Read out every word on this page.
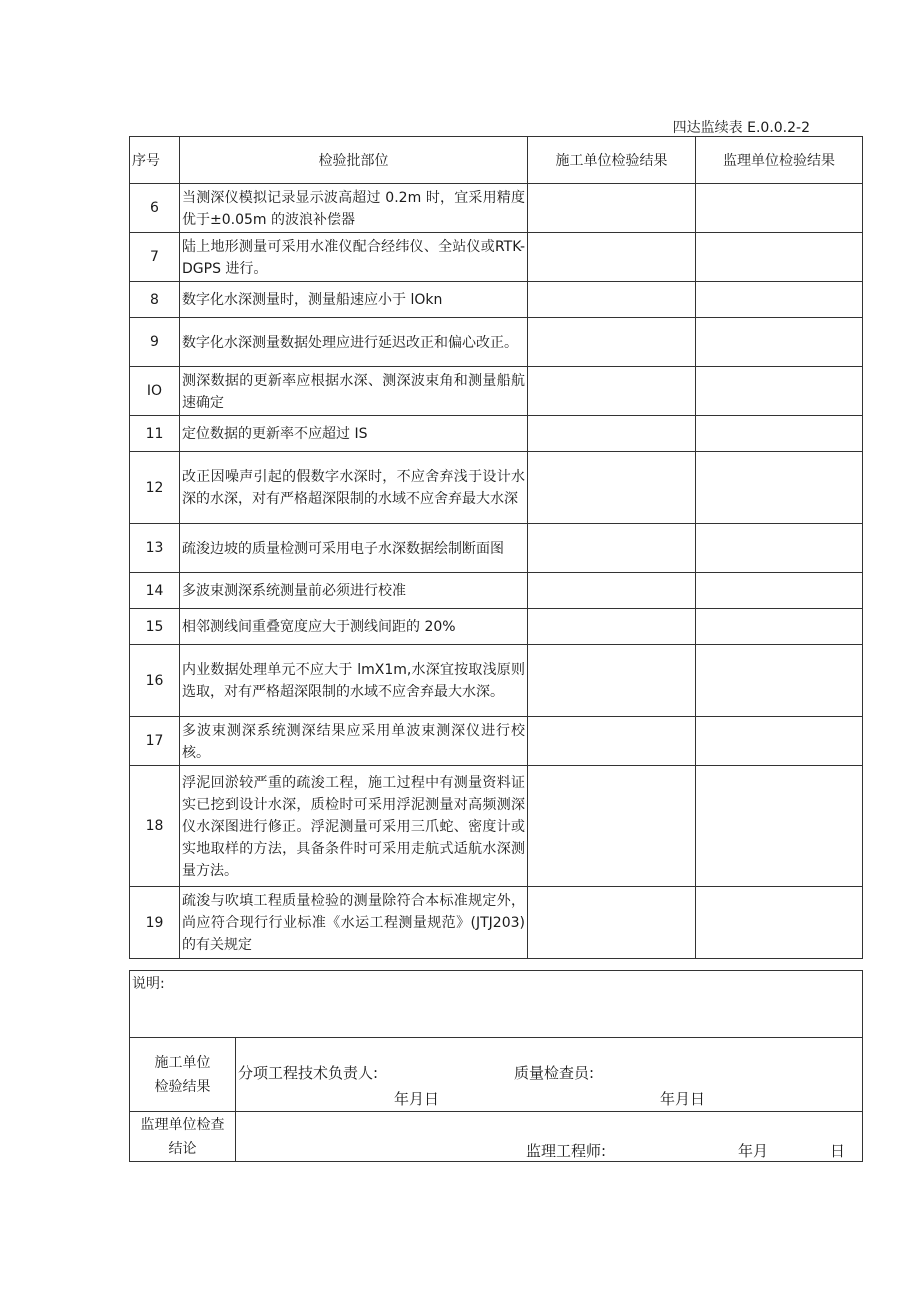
四达监续表 E.0.0.2-2
序号	检验批部位	施工单位检验结果	监理单位检验结果
6	当测深仪模拟记录显示波高超过 0.2m 时，宜采用精度优于±0.05m 的波浪补偿器		
7	陆上地形测量可采用水准仪配合经纬仪、全站仪或RTK-DGPS 进行。		
8	数字化水深测量时，测量船速应小于 lOkn		
9	数字化水深测量数据处理应进行延迟改正和偏心改正。		
IO	测深数据的更新率应根据水深、测深波束角和测量船航速确定		
11	定位数据的更新率不应超过 IS		
12	改正因噪声引起的假数字水深时，不应舍弃浅于设计水深的水深，对有严格超深限制的水域不应舍弃最大水深		
13	疏浚边坡的质量检测可采用电子水深数据绘制断面图		
14	多波束测深系统测量前必须进行校准		
15	相邻测线间重叠宽度应大于测线间距的 20%		
16	内业数据处理单元不应大于 lmX1m,水深宜按取浅原则选取，对有严格超深限制的水域不应舍弃最大水深。		
17	多波束测深系统测深结果应采用单波束测深仪进行校核。		
18	浮泥回淤较严重的疏浚工程，施工过程中有测量资料证实已挖到设计水深，质检时可采用浮泥测量对高频测深仪水深图进行修正。浮泥测量可采用三爪蛇、密度计或实地取样的方法，具备条件时可采用走航式适航水深测量方法。		
19	疏浚与吹填工程质量检验的测量除符合本标准规定外，尚应符合现行行业标准《水运工程测量规范》(JTJ203)的有关规定		
说明:	

施工单位检验结果	分项工程技术负责人: 质量检查员:
年月日 年月日

监理单位检查结论	监理工程师: 年月 日
